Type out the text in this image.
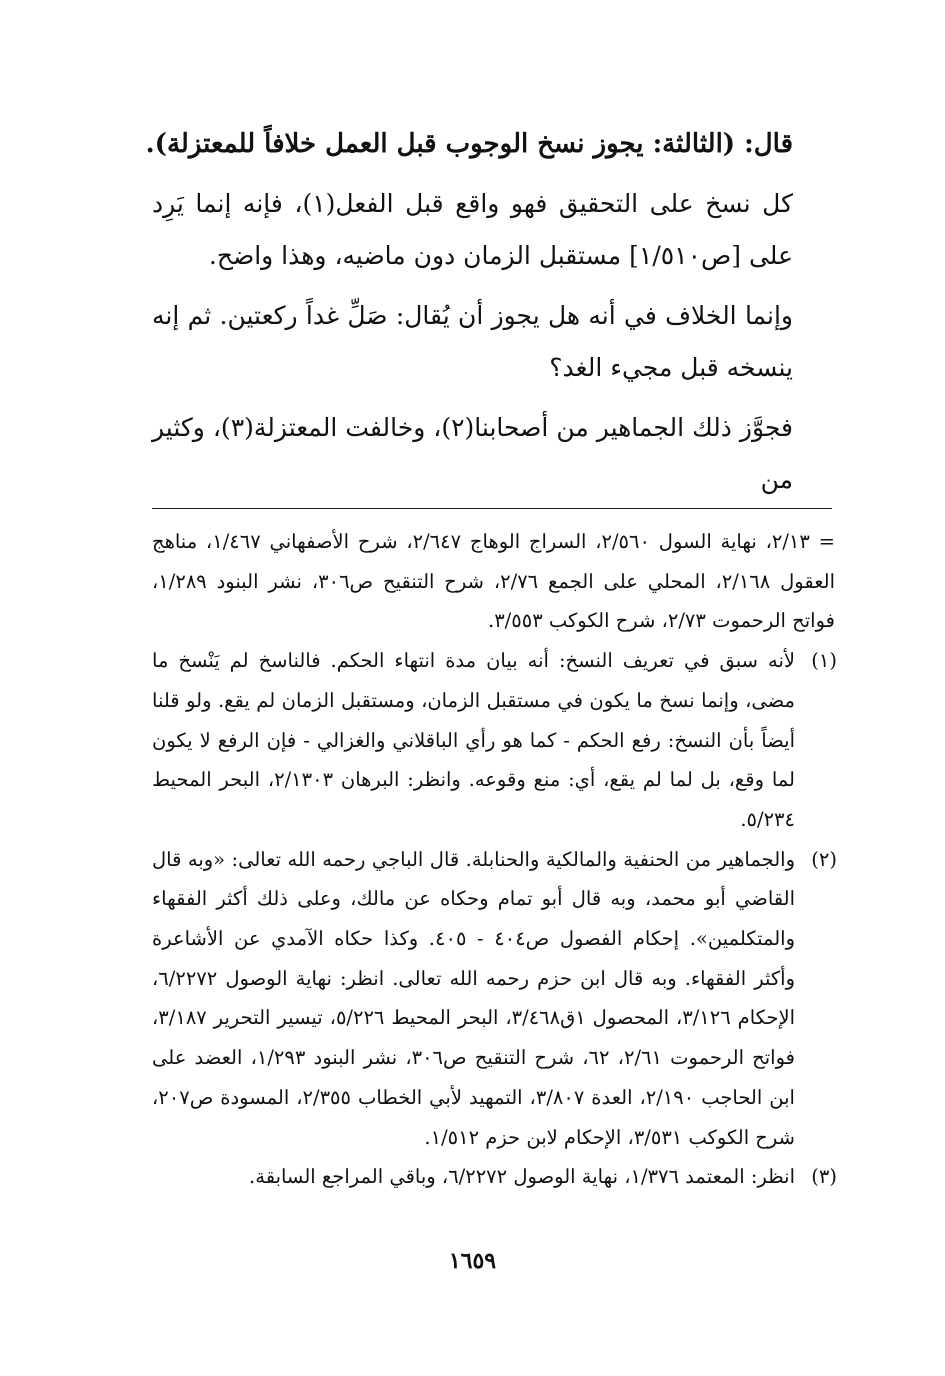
قال: (الثالثة: يجوز نسخ الوجوب قبل العمل خلافاً للمعتزلة).

كل نسخ على التحقيق فهو واقع قبل الفعل(١)، فإنه إنما يَرِد على [ص١/٥١٠] مستقبل الزمان دون ماضيه، وهذا واضح.

وإنما الخلاف في أنه هل يجوز أن يُقال: صَلِّ غداً ركعتين. ثم إنه ينسخه قبل مجيء الغد؟

فجوَّز ذلك الجماهير من أصحابنا(٢)، وخالفت المعتزلة(٣)، وكثير من

= ٢/١٣، نهاية السول ٢/٥٦٠، السراج الوهاج ٢/٦٤٧، شرح الأصفهاني ١/٤٦٧، مناهج العقول ٢/١٦٨، المحلي على الجمع ٢/٧٦، شرح التنقيح ص٣٠٦، نشر البنود ١/٢٨٩، فواتح الرحموت ٢/٧٣، شرح الكوكب ٣/٥٥٣.

(١)
لأنه سبق في تعريف النسخ: أنه بيان مدة انتهاء الحكم. فالناسخ لم يَنْسخ ما مضى، وإنما نسخ ما يكون في مستقبل الزمان، ومستقبل الزمان لم يقع. ولو قلنا أيضاً بأن النسخ: رفع الحكم - كما هو رأي الباقلاني والغزالي - فإن الرفع لا يكون لما وقع، بل لما لم يقع، أي: منع وقوعه. وانظر: البرهان ٢/١٣٠٣، البحر المحيط ٥/٢٣٤.
(٢)
والجماهير من الحنفية والمالكية والحنابلة. قال الباجي رحمه الله تعالى: «وبه قال القاضي أبو محمد، وبه قال أبو تمام وحكاه عن مالك، وعلى ذلك أكثر الفقهاء والمتكلمين». إحكام الفصول ص٤٠٤ - ٤٠٥. وكذا حكاه الآمدي عن الأشاعرة وأكثر الفقهاء. وبه قال ابن حزم رحمه الله تعالى. انظر: نهاية الوصول ٦/٢٢٧٢، الإحكام ٣/١٢٦، المحصول ١ق٣/٤٦٨، البحر المحيط ٥/٢٢٦، تيسير التحرير ٣/١٨٧، فواتح الرحموت ٢/٦١، ٦٢، شرح التنقيح ص٣٠٦، نشر البنود ١/٢٩٣، العضد على ابن الحاجب ٢/١٩٠، العدة ٣/٨٠٧، التمهيد لأبي الخطاب ٢/٣٥٥، المسودة ص٢٠٧، شرح الكوكب ٣/٥٣١، الإحكام لابن حزم ١/٥١٢.
(٣)
انظر: المعتمد ١/٣٧٦، نهاية الوصول ٦/٢٢٧٢، وباقي المراجع السابقة.
١٦٥٩
